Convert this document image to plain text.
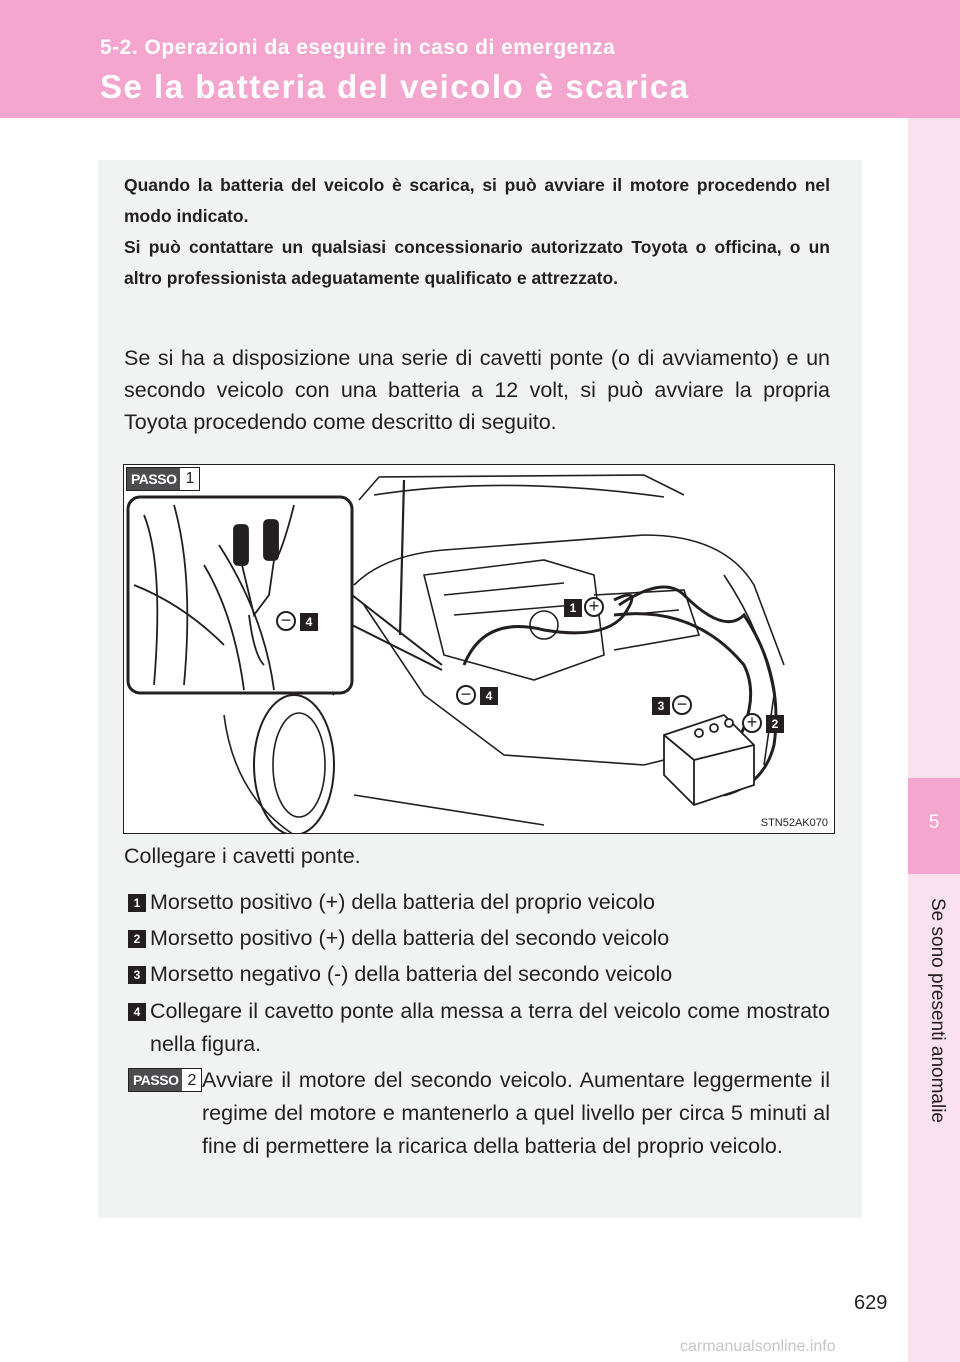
5-2. Operazioni da eseguire in caso di emergenza
Se la batteria del veicolo è scarica
5
Se sono presenti anomalie

Quando la batteria del veicolo è scarica, si può avviare il motore procedendo nel modo indicato.

Si può contattare un qualsiasi concessionario autorizzato Toyota o officina, o un altro professionista adeguatamente qualificato e attrezzato.

Se si ha a disposizione una serie di cavetti ponte (o di avviamento) e un secondo veicolo con una batteria a 12 volt, si può avviare la propria Toyota procedendo come descritto di seguito.
PASSO 1
1
2
3
4
4
+
+
−
−
−
STN52AK070
Collegare i cavetti ponte.
1 Morsetto positivo (+) della batteria del proprio veicolo
2 Morsetto positivo (+) della batteria del secondo veicolo
3 Morsetto negativo (-) della batteria del secondo veicolo
4 Collegare il cavetto ponte alla messa a terra del veicolo come mostrato nella figura.
PASSO 2 Avviare il motore del secondo veicolo. Aumentare leggermente il regime del motore e mantenerlo a quel livello per circa 5 minuti al fine di permettere la ricarica della batteria del proprio veicolo.
629
carmanualsonline.info
